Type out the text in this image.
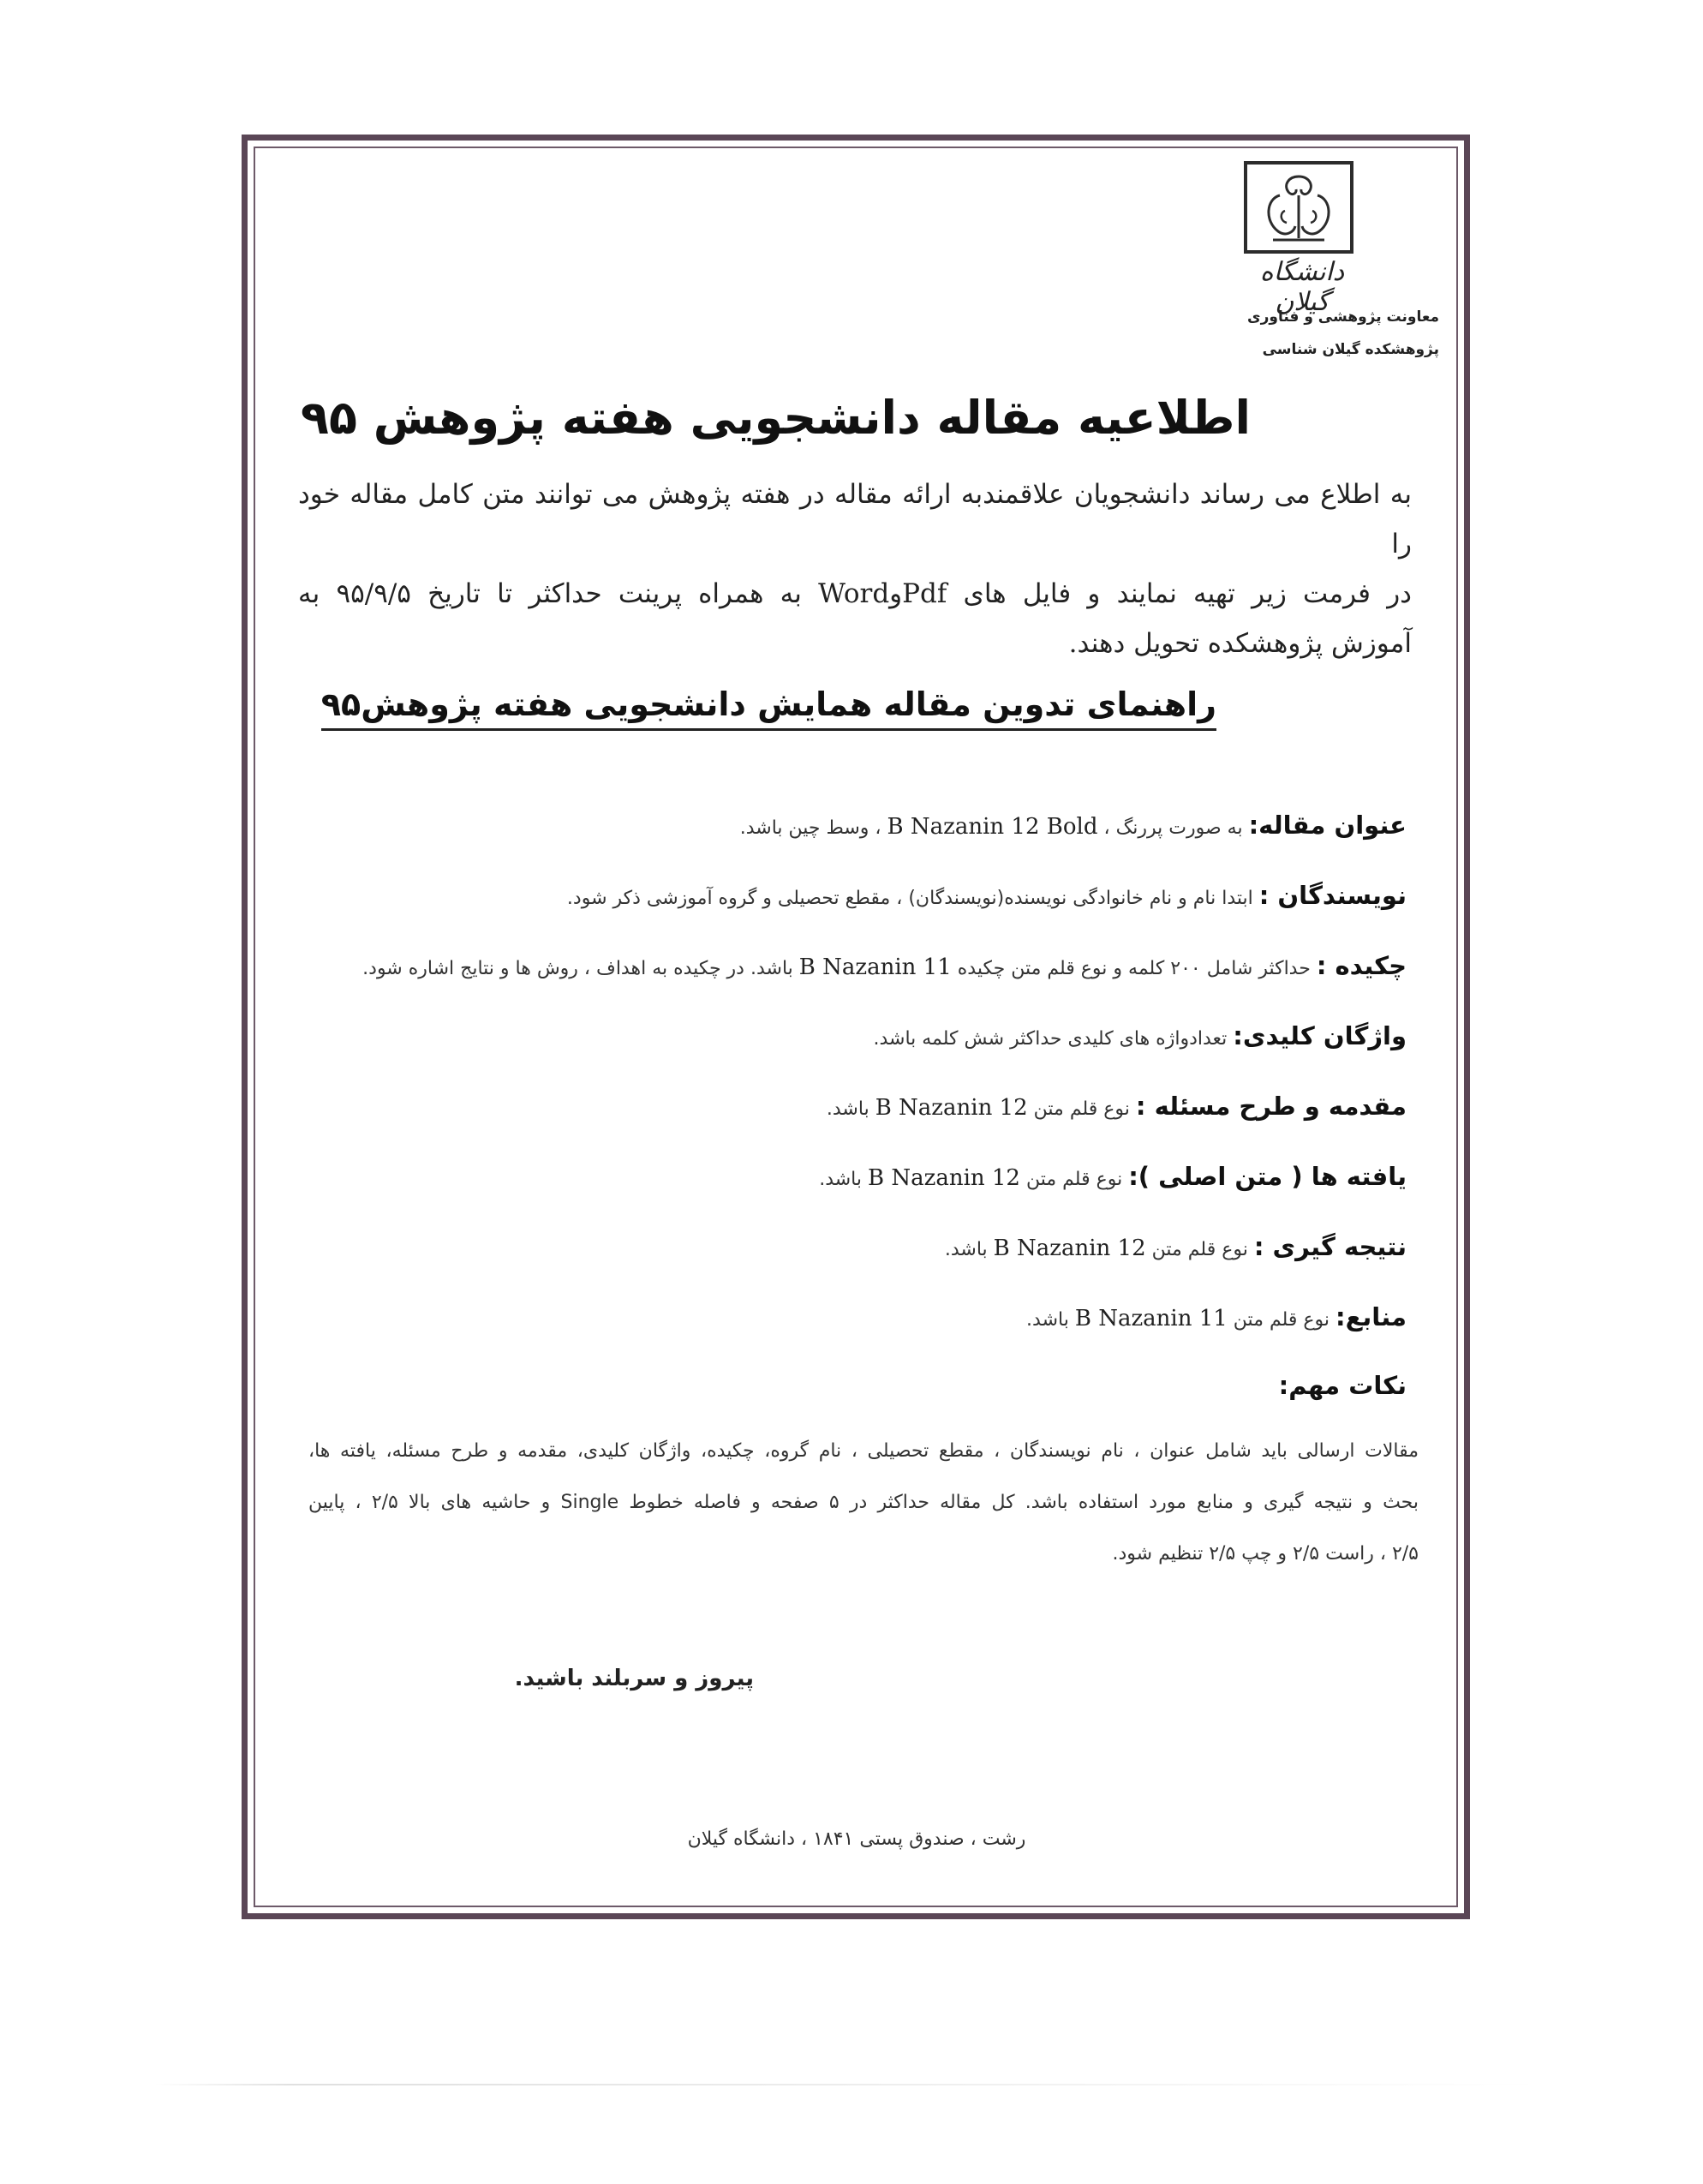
دانشگاه گیلان
معاونت پژوهشی و فناوری
پژوهشکده گیلان شناسی
اطلاعیه مقاله دانشجویی هفته پژوهش ۹۵
به اطلاع می رساند دانشجویان علاقمندبه ارائه مقاله در هفته پژوهش می توانند متن کامل مقاله خود را
در فرمت زیر تهیه نمایند و فایل های PdfوWord به همراه پرینت حداکثر تا تاریخ ۹۵/۹/۵ به
آموزش پژوهشکده تحویل دهند.
راهنمای تدوین مقاله همایش دانشجویی هفته پژوهش۹۵
عنوان مقاله: به صورت پررنگ ، B Nazanin 12 Bold ، وسط چین باشد.
نویسندگان : ابتدا نام و نام خانوادگی نویسنده(نویسندگان) ، مقطع تحصیلی و گروه آموزشی ذکر شود.
چکیده : حداکثر شامل ۲۰۰ کلمه و نوع قلم متن چکیده B Nazanin 11 باشد. در چکیده به اهداف ، روش ها و نتایج اشاره شود.
واژگان کلیدی: تعدادواژه های کلیدی حداکثر شش کلمه باشد.
مقدمه و طرح مسئله : نوع قلم متن B Nazanin 12 باشد.
یافته ها ( متن اصلی ): نوع قلم متن B Nazanin 12 باشد.
نتیجه گیری : نوع قلم متن B Nazanin 12 باشد.
منابع: نوع قلم متن B Nazanin 11 باشد.
نکات مهم:
مقالات ارسالی باید شامل عنوان ، نام نویسندگان ، مقطع تحصیلی ، نام گروه، چکیده، واژگان کلیدی، مقدمه و طرح مسئله، یافته ها،
بحث و نتیجه گیری و منابع مورد استفاده باشد. کل مقاله حداکثر در ۵ صفحه و فاصله خطوط Single و حاشیه های بالا ۲/۵ ، پایین
۲/۵ ، راست ۲/۵ و چپ ۲/۵ تنظیم شود.
پیروز و سربلند باشید.
رشت ، صندوق پستی ۱۸۴۱ ، دانشگاه گیلان
